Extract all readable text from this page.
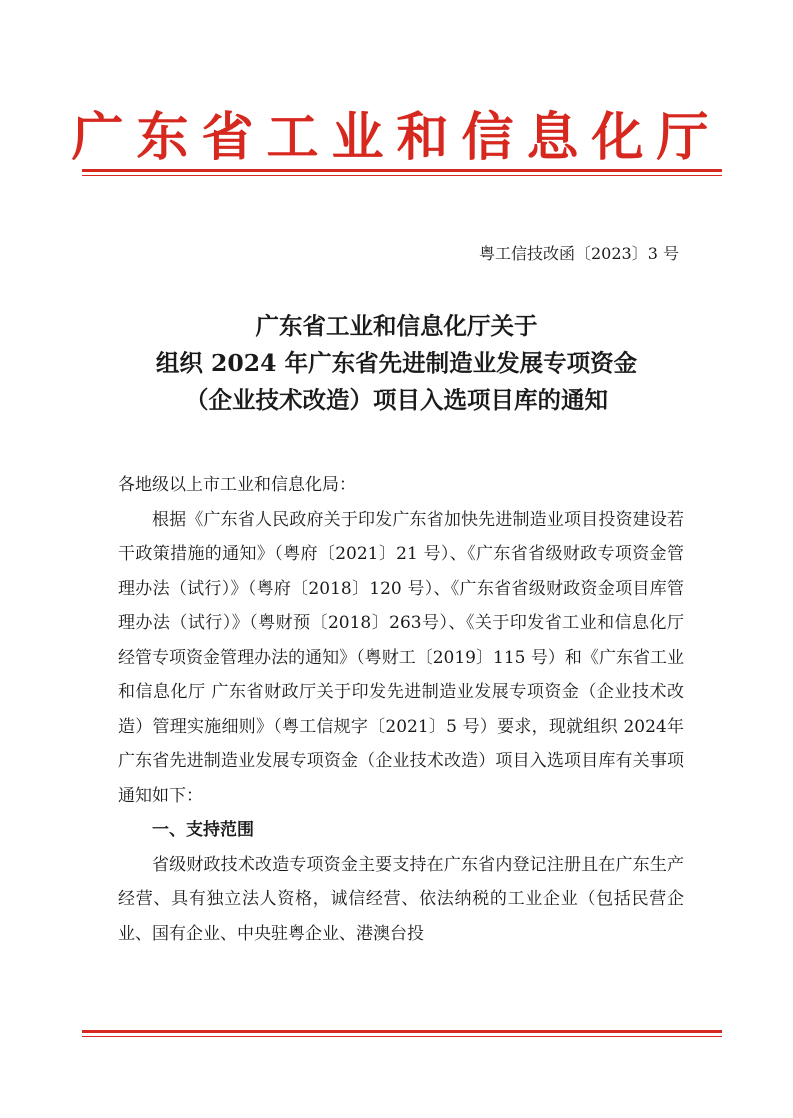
广东省工业和信息化厅
粤工信技改函〔2023〕3 号
广东省工业和信息化厅关于
组织 2024 年广东省先进制造业发展专项资金
（企业技术改造）项目入选项目库的通知

各地级以上市工业和信息化局：

根据《广东省人民政府关于印发广东省加快先进制造业项目投资建设若干政策措施的通知》（粤府〔2021〕21 号）、《广东省省级财政专项资金管理办法（试行）》（粤府〔2018〕120 号）、《广东省省级财政资金项目库管理办法（试行）》（粤财预〔2018〕263号）、《关于印发省工业和信息化厅经管专项资金管理办法的通知》（粤财工〔2019〕115 号）和《广东省工业和信息化厅 广东省财政厅关于印发先进制造业发展专项资金（企业技术改造）管理实施细则》（粤工信规字〔2021〕5 号）要求，现就组织 2024年广东省先进制造业发展专项资金（企业技术改造）项目入选项目库有关事项通知如下：

一、支持范围

省级财政技术改造专项资金主要支持在广东省内登记注册且在广东生产经营、具有独立法人资格，诚信经营、依法纳税的工业企业（包括民营企业、国有企业、中央驻粤企业、港澳台投
